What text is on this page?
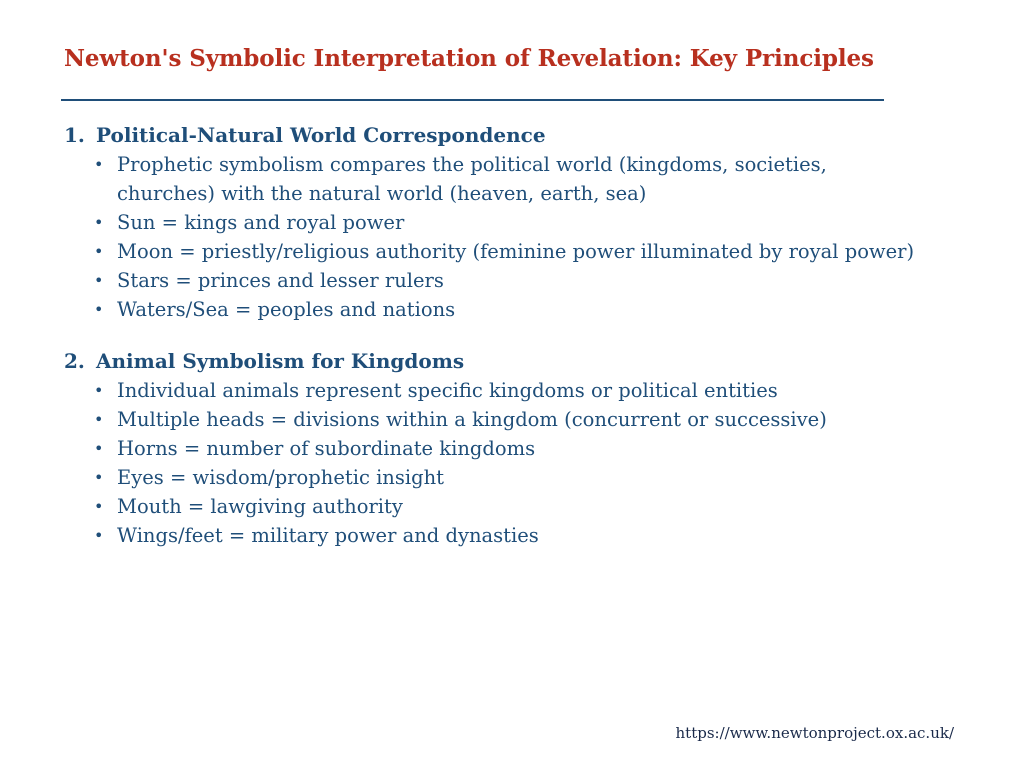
Newton's Symbolic Interpretation of Revelation: Key Principles
1. Political-Natural World Correspondence
• Prophetic symbolism compares the political world (kingdoms, societies, churches) with the natural world (heaven, earth, sea)
• Sun = kings and royal power
• Moon = priestly/religious authority (feminine power illuminated by royal power)
• Stars = princes and lesser rulers
• Waters/Sea = peoples and nations
2. Animal Symbolism for Kingdoms
• Individual animals represent specific kingdoms or political entities
• Multiple heads = divisions within a kingdom (concurrent or successive)
• Horns = number of subordinate kingdoms
• Eyes = wisdom/prophetic insight
• Mouth = lawgiving authority
• Wings/feet = military power and dynasties
https://www.newtonproject.ox.ac.uk/
